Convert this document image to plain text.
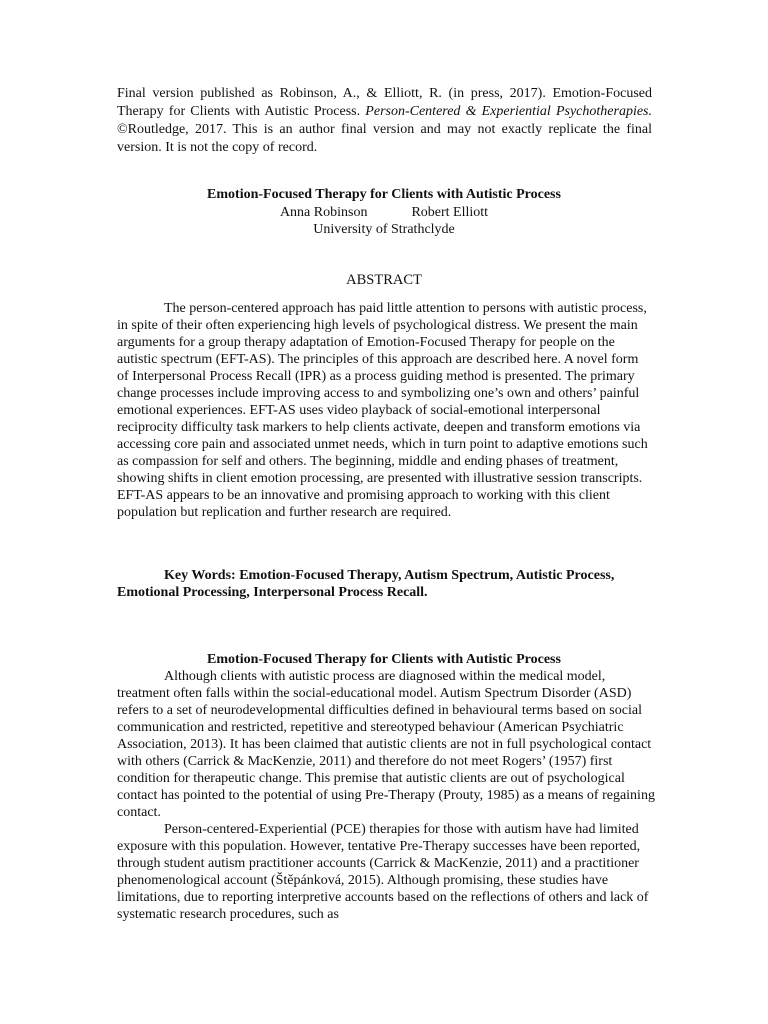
Final version published as Robinson, A., & Elliott, R. (in press, 2017). Emotion-Focused Therapy for Clients with Autistic Process. Person-Centered & Experiential Psychotherapies. ©Routledge, 2017. This is an author final version and may not exactly replicate the final version. It is not the copy of record.

Emotion-Focused Therapy for Clients with Autistic Process
Anna Robinson	Robert Elliott
University of Strathclyde
ABSTRACT

The person-centered approach has paid little attention to persons with autistic process, in spite of their often experiencing high levels of psychological distress. We present the main arguments for a group therapy adaptation of Emotion-Focused Therapy for people on the autistic spectrum (EFT-AS). The principles of this approach are described here. A novel form of Interpersonal Process Recall (IPR) as a process guiding method is presented. The primary change processes include improving access to and symbolizing one’s own and others’ painful emotional experiences. EFT-AS uses video playback of social-emotional interpersonal reciprocity difficulty task markers to help clients activate, deepen and transform emotions via accessing core pain and associated unmet needs, which in turn point to adaptive emotions such as compassion for self and others. The beginning, middle and ending phases of treatment, showing shifts in client emotion processing, are presented with illustrative session transcripts. EFT-AS appears to be an innovative and promising approach to working with this client population but replication and further research are required.

Key Words: Emotion-Focused Therapy, Autism Spectrum, Autistic Process, Emotional Processing, Interpersonal Process Recall.

Emotion-Focused Therapy for Clients with Autistic Process

Although clients with autistic process are diagnosed within the medical model, treatment often falls within the social-educational model. Autism Spectrum Disorder (ASD) refers to a set of neurodevelopmental difficulties defined in behavioural terms based on social communication and restricted, repetitive and stereotyped behaviour (American Psychiatric Association, 2013). It has been claimed that autistic clients are not in full psychological contact with others (Carrick & MacKenzie, 2011) and therefore do not meet Rogers’ (1957) first condition for therapeutic change. This premise that autistic clients are out of psychological contact has pointed to the potential of using Pre-Therapy (Prouty, 1985) as a means of regaining contact.

Person-centered-Experiential (PCE) therapies for those with autism have had limited exposure with this population. However, tentative Pre-Therapy successes have been reported, through student autism practitioner accounts (Carrick & MacKenzie, 2011) and a practitioner phenomenological account (Štěpánková, 2015). Although promising, these studies have limitations, due to reporting interpretive accounts based on the reflections of others and lack of systematic research procedures, such as
